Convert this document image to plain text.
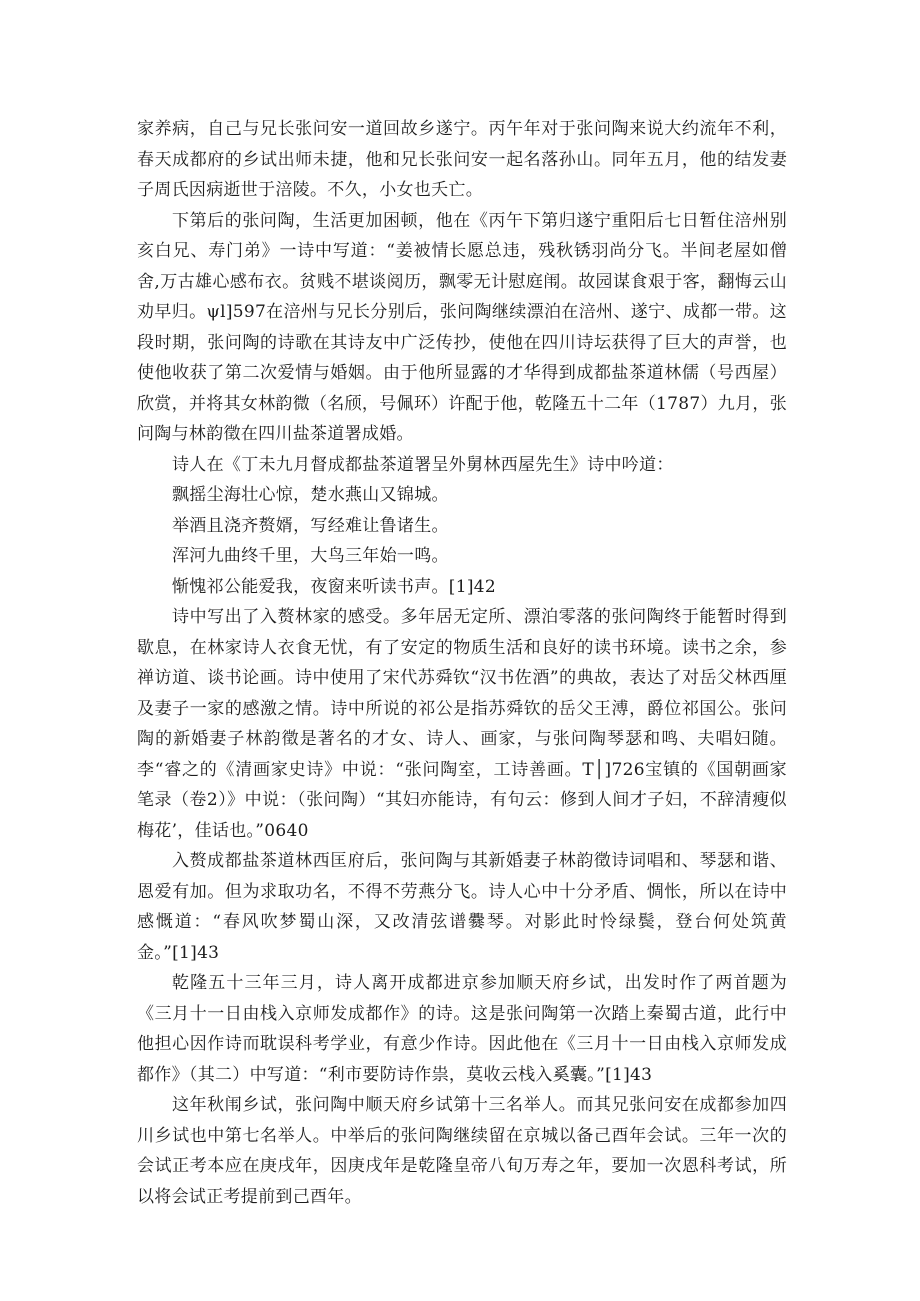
家养病，自己与兄长张问安一道回故乡遂宁。丙午年对于张问陶来说大约流年不利，春天成都府的乡试出师未捷，他和兄长张问安一起名落孙山。同年五月，他的结发妻子周氏因病逝世于涪陵。不久，小女也夭亡。

下第后的张问陶，生活更加困顿，他在《丙午下第归遂宁重阳后七日暂住涪州别亥白兄、寿门弟》一诗中写道：“姜被情长愿总违，残秋锈羽尚分飞。半间老屋如僧舍,万古雄心感布衣。贫贱不堪谈阅历，飘零无计慰庭闱。故园谋食艰于客，翻悔云山劝早归。ψl]597在涪州与兄长分别后，张问陶继续漂泊在涪州、遂宁、成都一带。这段时期，张问陶的诗歌在其诗友中广泛传抄，使他在四川诗坛获得了巨大的声誉，也使他收获了第二次爱情与婚姻。由于他所显露的才华得到成都盐茶道林儒（号西屋）欣赏，并将其女林韵微（名颀，号佩环）许配于他，乾隆五十二年（1787）九月，张问陶与林韵徵在四川盐茶道署成婚。

诗人在《丁未九月督成都盐茶道署呈外舅林西屋先生》诗中吟道：

飘摇尘海壮心惊，楚水燕山又锦城。

举酒且浇齐赘婿，写经难让鲁诸生。

浑河九曲终千里，大鸟三年始一鸣。

惭愧祁公能爱我，夜窗来听读书声。[1]42

诗中写出了入赘林家的感受。多年居无定所、漂泊零落的张问陶终于能暂时得到歇息，在林家诗人衣食无忧，有了安定的物质生活和良好的读书环境。读书之余，参禅访道、谈书论画。诗中使用了宋代苏舜钦“汉书佐酒”的典故，表达了对岳父林西厘及妻子一家的感激之情。诗中所说的祁公是指苏舜钦的岳父王溥，爵位祁国公。张问陶的新婚妻子林韵徵是著名的才女、诗人、画家，与张问陶琴瑟和鸣、夫唱妇随。李“睿之的《清画家史诗》中说：“张问陶室，工诗善画。T│]726宝镇的《国朝画家笔录（卷2）》中说：（张问陶）“其妇亦能诗，有句云：修到人间才子妇，不辞清瘦似梅花’，佳话也。”0640

入赘成都盐茶道林西匡府后，张问陶与其新婚妻子林韵徵诗词唱和、琴瑟和谐、恩爱有加。但为求取功名，不得不劳燕分飞。诗人心中十分矛盾、惆怅，所以在诗中感慨道：“春风吹梦蜀山深，又改清弦谱爨琴。对影此时怜绿鬓，登台何处筑黄金。”[1]43

乾隆五十三年三月，诗人离开成都进京参加顺天府乡试，出发时作了两首题为《三月十一日由栈入京师发成都作》的诗。这是张问陶第一次踏上秦蜀古道，此行中他担心因作诗而耽误科考学业，有意少作诗。因此他在《三月十一日由栈入京师发成都作》（其二）中写道：“利市要防诗作祟，莫收云栈入奚囊。”[1]43

这年秋闱乡试，张问陶中顺天府乡试第十三名举人。而其兄张问安在成都参加四川乡试也中第七名举人。中举后的张问陶继续留在京城以备己酉年会试。三年一次的会试正考本应在庚戌年，因庚戌年是乾隆皇帝八旬万寿之年，要加一次恩科考试，所以将会试正考提前到己酉年。
